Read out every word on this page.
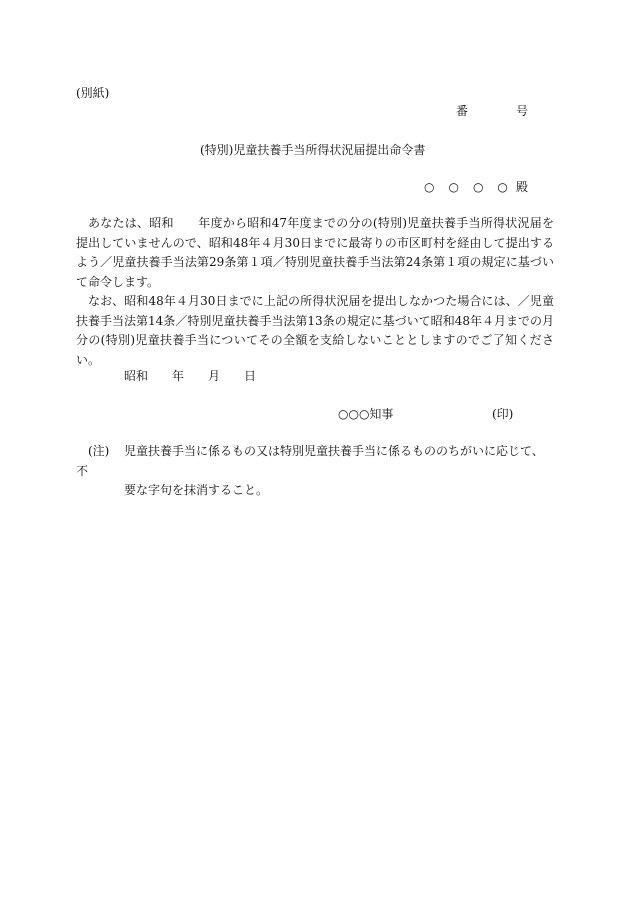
(別紙)
番	号
(特別)児童扶養手当所得状況届提出命令書
○　○　○　○ 殿

あなたは、昭和　　年度から昭和47年度までの分の(特別)児童扶養手当所得状況届を提出していませんので、昭和48年４月30日までに最寄りの市区町村を経由して提出するよう／児童扶養手当法第29条第１項／特別児童扶養手当法第24条第１項の規定に基づいて命令します。

なお、昭和48年４月30日までに上記の所得状況届を提出しなかつた場合には、／児童扶養手当法第14条／特別児童扶養手当法第13条の規定に基づいて昭和48年４月までの月分の(特別)児童扶養手当についてその全額を支給しないこととしますのでご了知ください。

昭和 年 月 日
○○○知事	(印)
(注) 児童扶養手当に係るもの又は特別児童扶養手当に係るもののちがいに応じて、不
要な字句を抹消すること。
